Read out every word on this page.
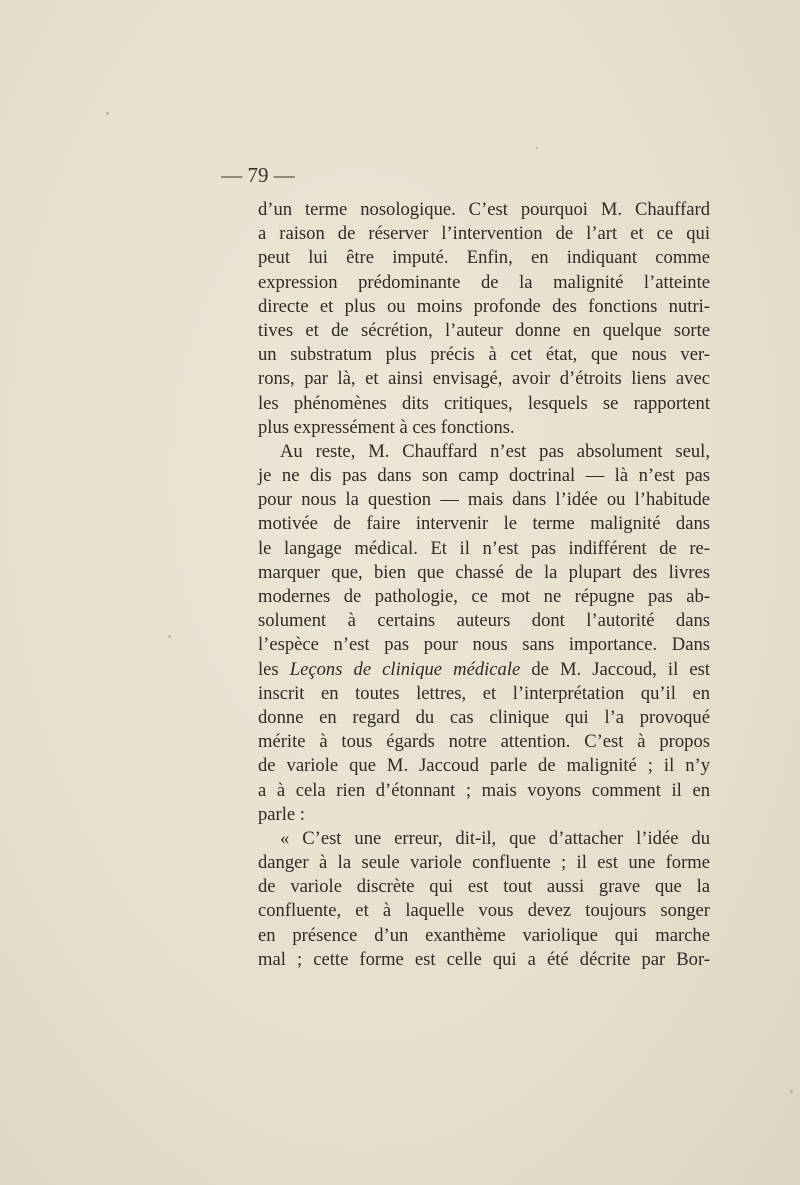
— 79 —
d’un terme nosologique. C’est pourquoi M. Chauffard
a raison de réserver l’intervention de l’art et ce qui
peut lui être imputé. Enfin, en indiquant comme
expression prédominante de la malignité l’atteinte
directe et plus ou moins profonde des fonctions nutri-
tives et de sécrétion, l’auteur donne en quelque sorte
un substratum plus précis à cet état, que nous ver-
rons, par là, et ainsi envisagé, avoir d’étroits liens avec
les phénomènes dits critiques, lesquels se rapportent
plus expressément à ces fonctions.
Au reste, M. Chauffard n’est pas absolument seul,
je ne dis pas dans son camp doctrinal — là n’est pas
pour nous la question — mais dans l’idée ou l’habitude
motivée de faire intervenir le terme malignité dans
le langage médical. Et il n’est pas indifférent de re-
marquer que, bien que chassé de la plupart des livres
modernes de pathologie, ce mot ne répugne pas ab-
solument à certains auteurs dont l’autorité dans
l’espèce n’est pas pour nous sans importance. Dans
les Leçons de clinique médicale de M. Jaccoud, il est
inscrit en toutes lettres, et l’interprétation qu’il en
donne en regard du cas clinique qui l’a provoqué
mérite à tous égards notre attention. C’est à propos
de variole que M. Jaccoud parle de malignité ; il n’y
a à cela rien d’étonnant ; mais voyons comment il en
parle :
« C’est une erreur, dit-il, que d’attacher l’idée du
danger à la seule variole confluente ; il est une forme
de variole discrète qui est tout aussi grave que la
confluente, et à laquelle vous devez toujours songer
en présence d’un exanthème variolique qui marche
mal ; cette forme est celle qui a été décrite par Bor-
